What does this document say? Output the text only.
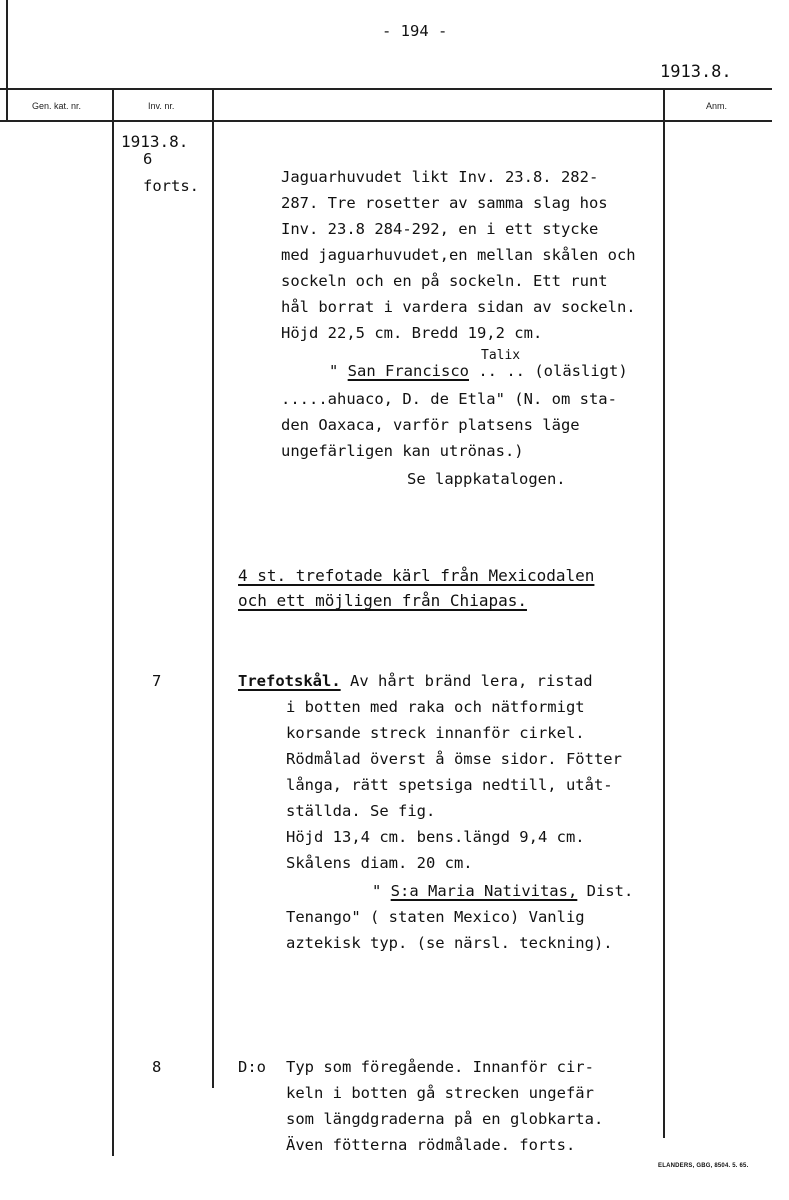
- 194 -
1913.8.
Gen. kat. nr.	Inv. nr.	Anm.
1913.8.
6
forts.
7
8
Jaguarhuvudet likt Inv. 23.8. 282-
287. Tre rosetter av samma slag hos
Inv. 23.8 284-292, en i ett stycke
med jaguarhuvudet,en mellan skålen och
sockeln och en på sockeln. Ett runt
hål borrat i vardera sidan av sockeln.
Höjd 22,5 cm. Bredd 19,2 cm.
" San Francisco .. ..
Talix
(oläsligt)
.....ahuaco, D. de Etla" (N. om sta-
den Oaxaca, varför platsens läge
ungefärligen kan utrönas.)
Se lappkatalogen.
4 st. trefotade kärl från Mexicodalen
och ett möjligen från Chiapas.
Trefotskål. Av hårt bränd lera, ristad
i botten med raka och nätformigt
korsande streck innanför cirkel.
Rödmålad överst å ömse sidor. Fötter
långa, rätt spetsiga nedtill, utåt-
ställda. Se fig.
Höjd 13,4 cm. bens.längd 9,4 cm.
Skålens diam. 20 cm.
" S:a Maria Nativitas, Dist.
Tenango" ( staten Mexico) Vanlig
aztekisk typ. (se närsl. teckning).
D:o Typ som föregående. Innanför cir-
keln i botten gå strecken ungefär
som längdgraderna på en globkarta.
Även fötterna rödmålade. forts.
ELANDERS, GBG, 8504. 5. 65.
